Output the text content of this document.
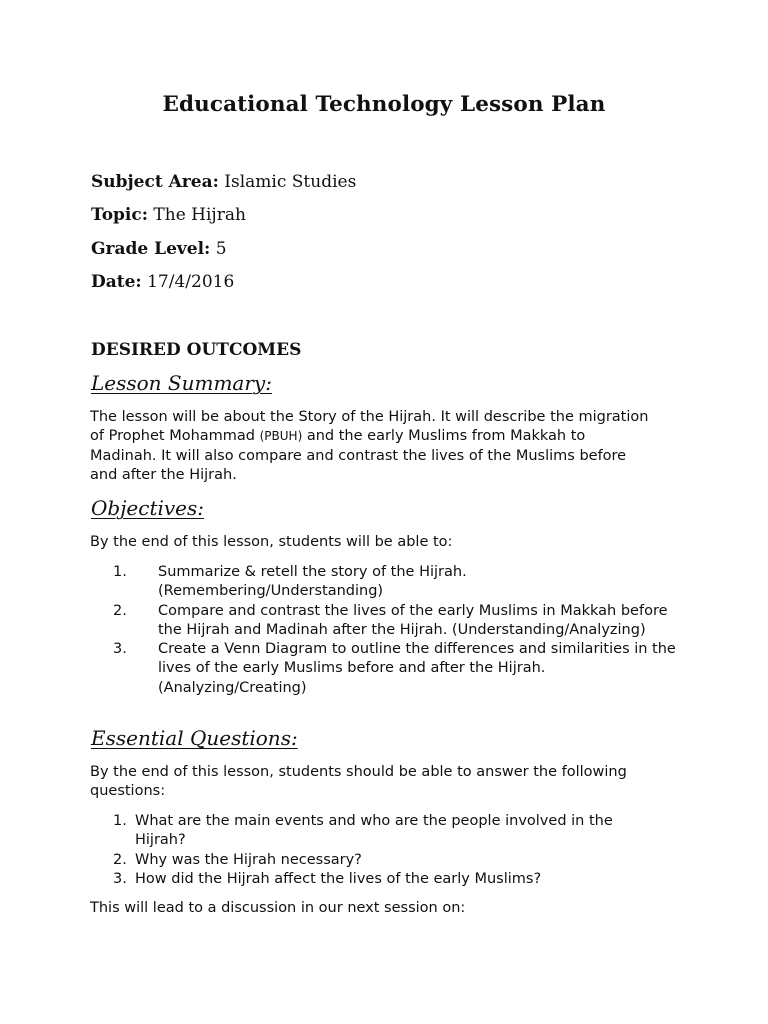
Educational Technology Lesson Plan
Subject Area: Islamic Studies
Topic: The Hijrah
Grade Level: 5
Date: 17/4/2016
DESIRED OUTCOMES
Lesson Summary:
The lesson will be about the Story of the Hijrah. It will describe the migration of Prophet Mohammad (PBUH) and the early Muslims from Makkah to Madinah. It will also compare and contrast the lives of the Muslims before and after the Hijrah.
Objectives:
By the end of this lesson, students will be able to:
1. Summarize & retell the story of the Hijrah. (Remembering/Understanding)
2. Compare and contrast the lives of the early Muslims in Makkah before the Hijrah and Madinah after the Hijrah. (Understanding/Analyzing)
3. Create a Venn Diagram to outline the differences and similarities in the lives of the early Muslims before and after the Hijrah. (Analyzing/Creating)
Essential Questions:
By the end of this lesson, students should be able to answer the following questions:
1. What are the main events and who are the people involved in the Hijrah?
2. Why was the Hijrah necessary?
3. How did the Hijrah affect the lives of the early Muslims?
This will lead to a discussion in our next session on:
